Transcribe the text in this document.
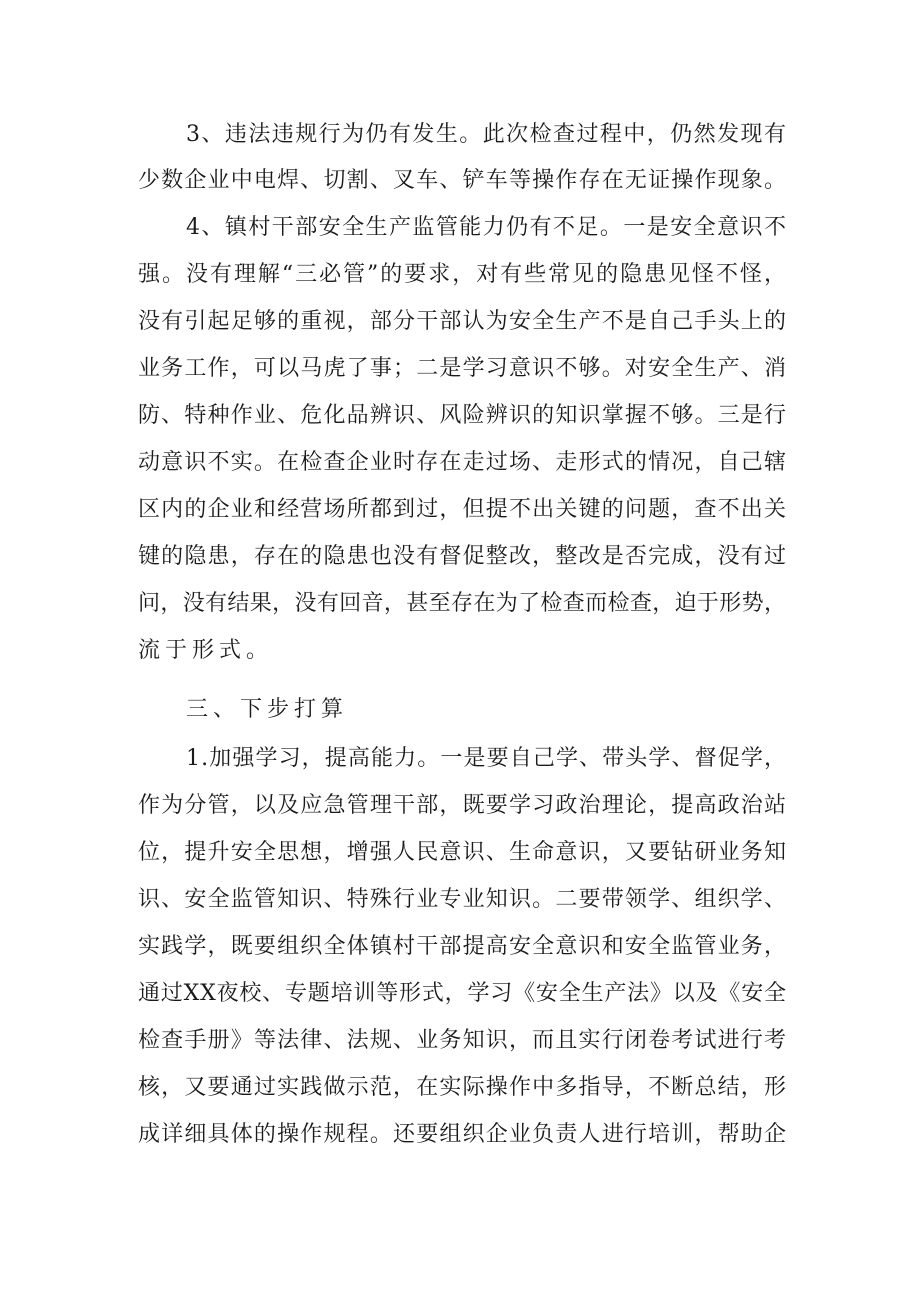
3、违法违规行为仍有发生。此次检查过程中，仍然发现有

少数企业中电焊、切割、叉车、铲车等操作存在无证操作现象。

4、镇村干部安全生产监管能力仍有不足。一是安全意识不

强。没有理解“三必管”的要求，对有些常见的隐患见怪不怪，

没有引起足够的重视，部分干部认为安全生产不是自己手头上的

业务工作，可以马虎了事；二是学习意识不够。对安全生产、消

防、特种作业、危化品辨识、风险辨识的知识掌握不够。三是行

动意识不实。在检查企业时存在走过场、走形式的情况，自己辖

区内的企业和经营场所都到过，但提不出关键的问题，查不出关

键的隐患，存在的隐患也没有督促整改，整改是否完成，没有过

问，没有结果，没有回音，甚至存在为了检查而检查，迫于形势，

流于形式。

三、下步打算

1.加强学习，提高能力。一是要自己学、带头学、督促学，

作为分管，以及应急管理干部，既要学习政治理论，提高政治站

位，提升安全思想，增强人民意识、生命意识，又要钻研业务知

识、安全监管知识、特殊行业专业知识。二要带领学、组织学、

实践学，既要组织全体镇村干部提高安全意识和安全监管业务，

通过XX夜校、专题培训等形式，学习《安全生产法》以及《安全

检查手册》等法律、法规、业务知识，而且实行闭卷考试进行考

核，又要通过实践做示范，在实际操作中多指导，不断总结，形

成详细具体的操作规程。还要组织企业负责人进行培训，帮助企
